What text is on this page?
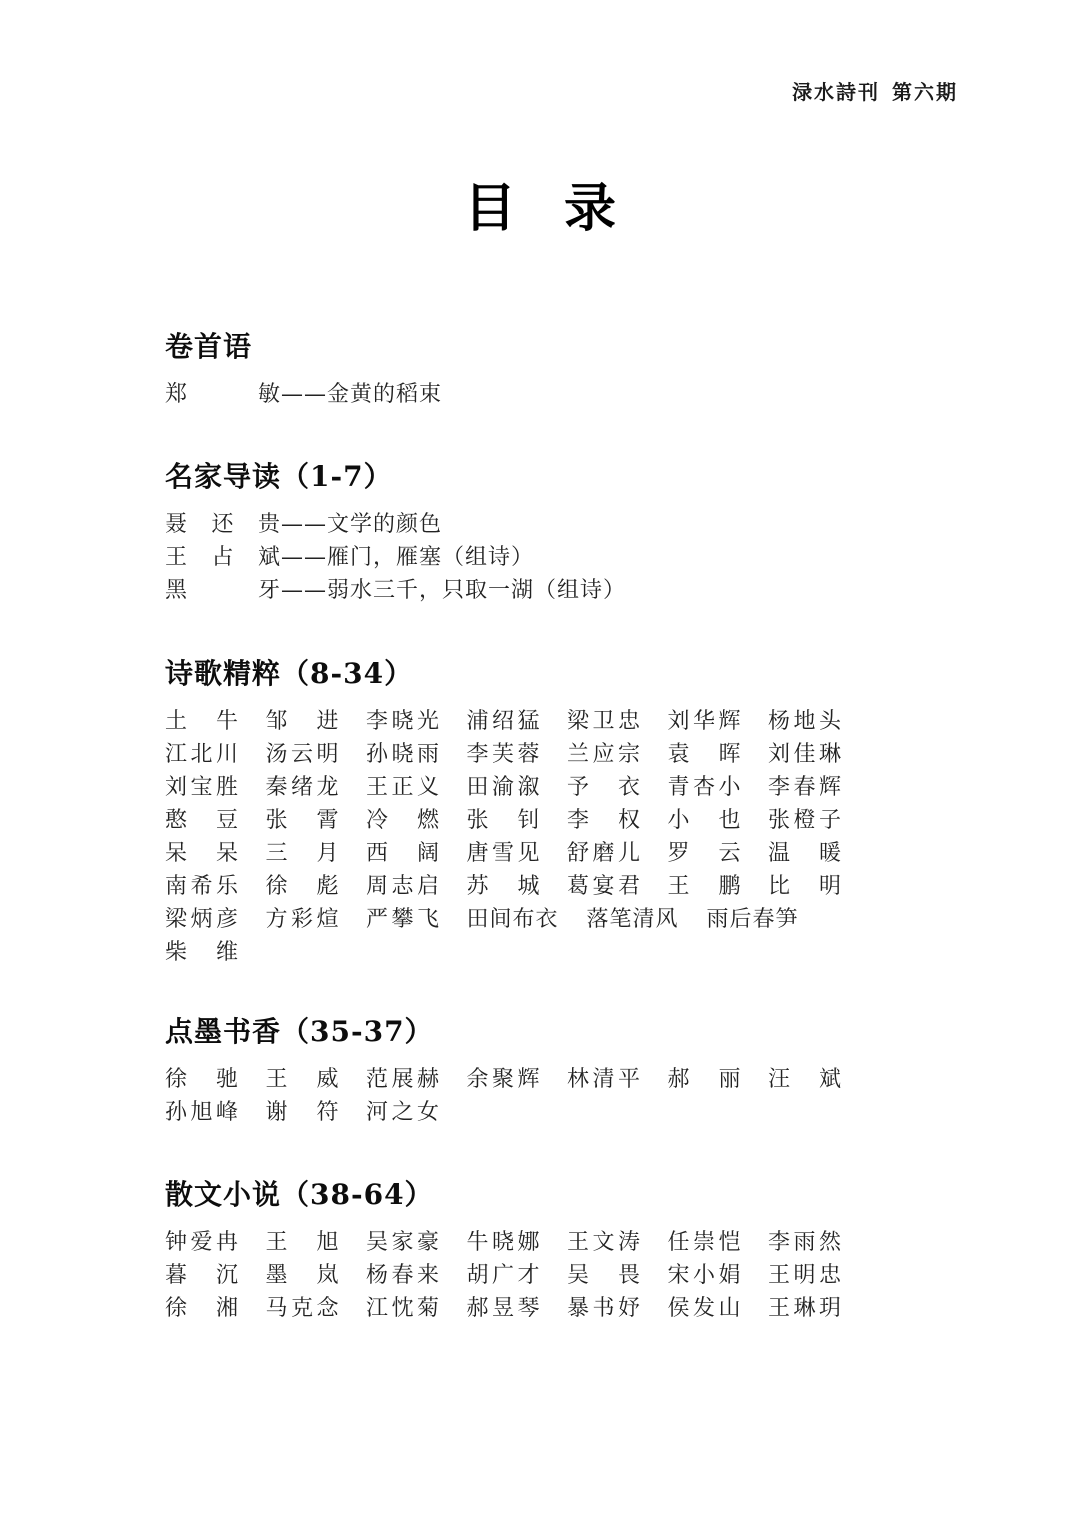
渌水詩刊 第六期
目录
卷首语
郑敏——金黄的稻束
名家导读（1-7）
聂还贵——文学的颜色
王占斌——雁门，雁塞（组诗）
黑牙——弱水三千，只取一湖（组诗）
诗歌精粹（8-34）
土牛 邹进 李晓光 浦绍猛 梁卫忠 刘华辉 杨地头
江北川 汤云明 孙晓雨 李芙蓉 兰应宗 袁晖 刘佳琳
刘宝胜 秦绪龙 王正义 田渝溆 予衣 青杏小 李春辉
憨豆 张霄 冷燃 张钊 李权 小也 张橙子
呆呆 三月 西阔 唐雪见 舒磨儿 罗云 温暖
南希乐 徐彪 周志启 苏城 葛宴君 王鹏 比明
梁炳彦 方彩煊 严攀飞 田间布衣 落笔清风 雨后春笋
柴维
点墨书香（35-37）
徐驰 王威 范展赫 余聚辉 林清平 郝丽 汪斌
孙旭峰 谢符 河之女
散文小说（38-64）
钟爱冉 王旭 吴家豪 牛晓娜 王文涛 任崇恺 李雨然
暮沉 墨岚 杨春来 胡广才 吴畏 宋小娟 王明忠
徐湘 马克念 江忱菊 郝昱琴 暴书妤 侯发山 王琳玥
